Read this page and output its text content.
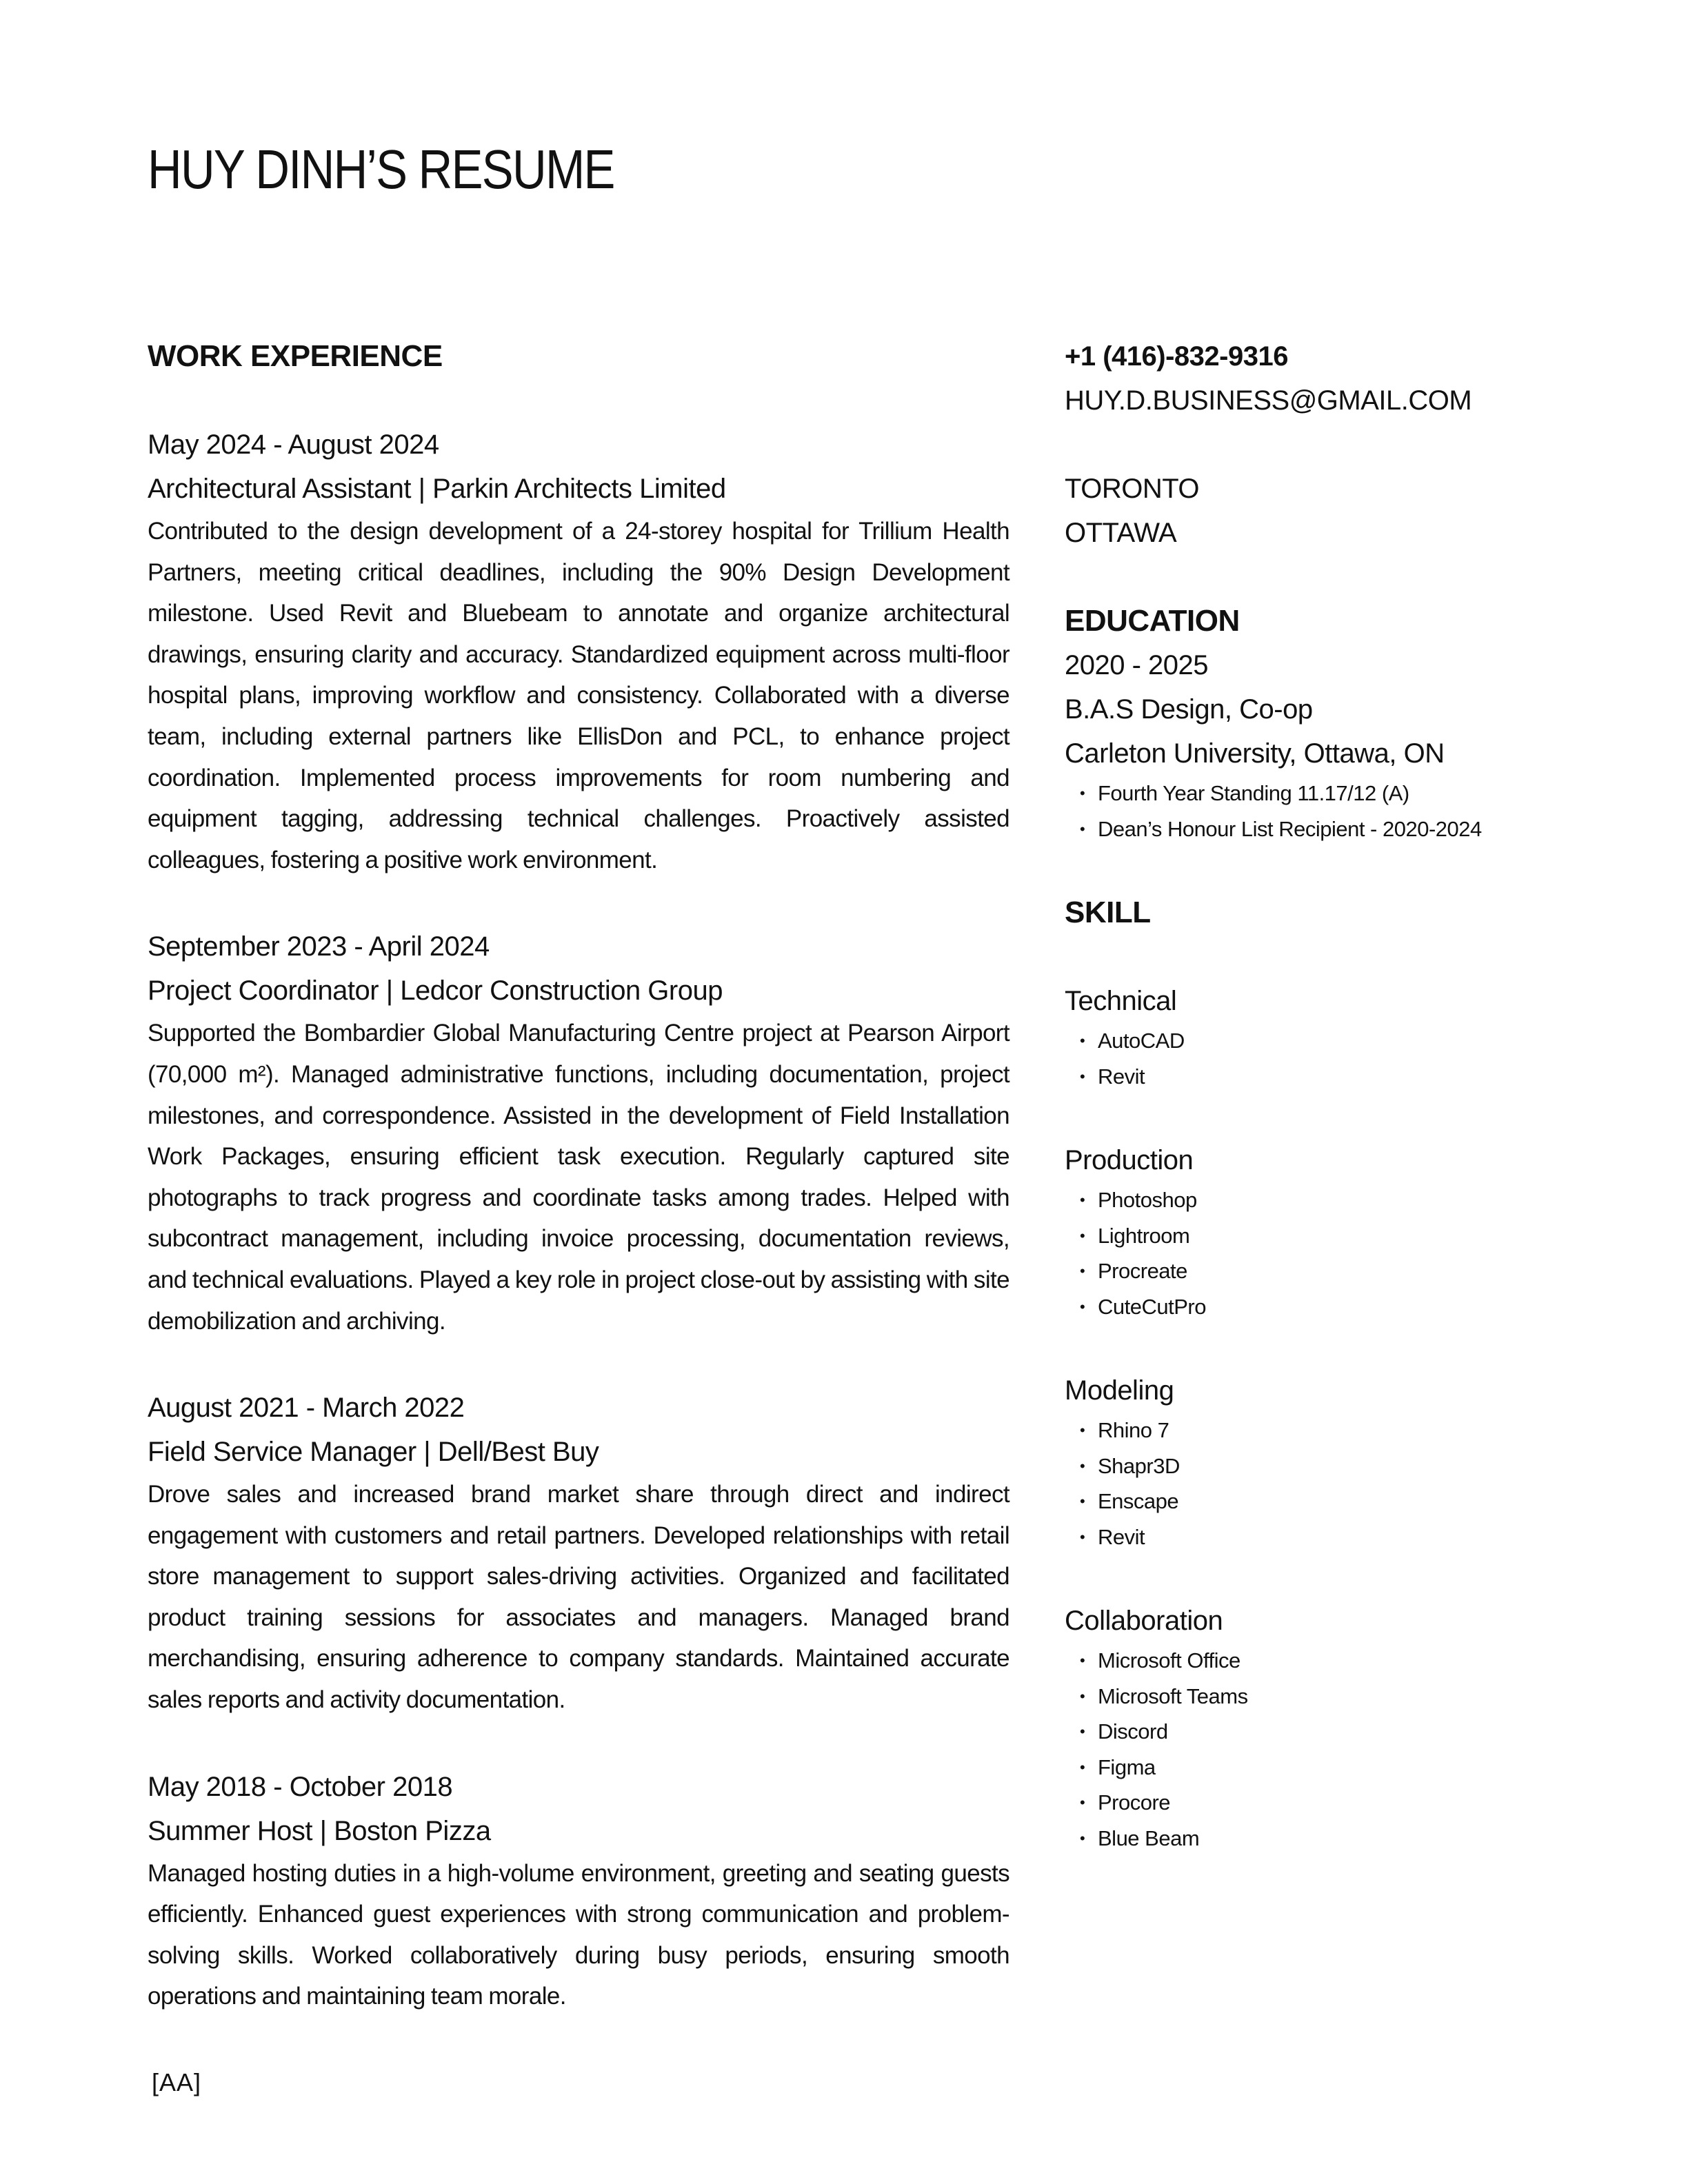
HUY DINH’S RESUME
WORK EXPERIENCE

May 2024 - August 2024

Architectural Assistant | Parkin Architects Limited

Contributed to the design development of a 24-storey hospital for Trillium Health Partners, meeting critical deadlines, including the 90% Design Development milestone. Used Revit and Bluebeam to annotate and organize architectural drawings, ensuring clarity and accuracy. Standardized equipment across multi-floor hospital plans, improving workflow and consistency. Collaborated with a diverse team, including external partners like EllisDon and PCL, to enhance project coordination. Implemented process improvements for room numbering and equipment tagging, addressing technical challenges. Proactively assisted colleagues, fostering a positive work environment.

September 2023 - April 2024

Project Coordinator | Ledcor Construction Group

Supported the Bombardier Global Manufacturing Centre project at Pearson Airport (70,000 m²). Managed administrative functions, including documentation, project milestones, and correspondence. Assisted in the development of Field Installation Work Packages, ensuring efficient task execution. Regularly captured site photographs to track progress and coordinate tasks among trades. Helped with subcontract management, including invoice processing, documentation reviews, and technical evaluations. Played a key role in project close-out by assisting with site demobilization and archiving.

August 2021 - March 2022

Field Service Manager | Dell/Best Buy

Drove sales and increased brand market share through direct and indirect engagement with customers and retail partners. Developed relationships with retail store management to support sales-driving activities. Organized and facilitated product training sessions for associates and managers. Managed brand merchandising, ensuring adherence to company standards. Maintained accurate sales reports and activity documentation.

May 2018 - October 2018

Summer Host | Boston Pizza

Managed hosting duties in a high-volume environment, greeting and seating guests efficiently. Enhanced guest experiences with strong communication and problem-solving skills. Worked collaboratively during busy periods, ensuring smooth operations and maintaining team morale.

+1 (416)-832-9316

HUY.D.BUSINESS@GMAIL.COM

TORONTO

OTTAWA

EDUCATION

2020 - 2025

B.A.S Design, Co-op

Carleton University, Ottawa, ON

• Fourth Year Standing 11.17/12 (A)
• Dean’s Honour List Recipient - 2020-2024
SKILL

Technical

• AutoCAD
• Revit

Production

• Photoshop
• Lightroom
• Procreate
• CuteCutPro

Modeling

• Rhino 7
• Shapr3D
• Enscape
• Revit

Collaboration

• Microsoft Office
• Microsoft Teams
• Discord
• Figma
• Procore
• Blue Beam
[AA]
